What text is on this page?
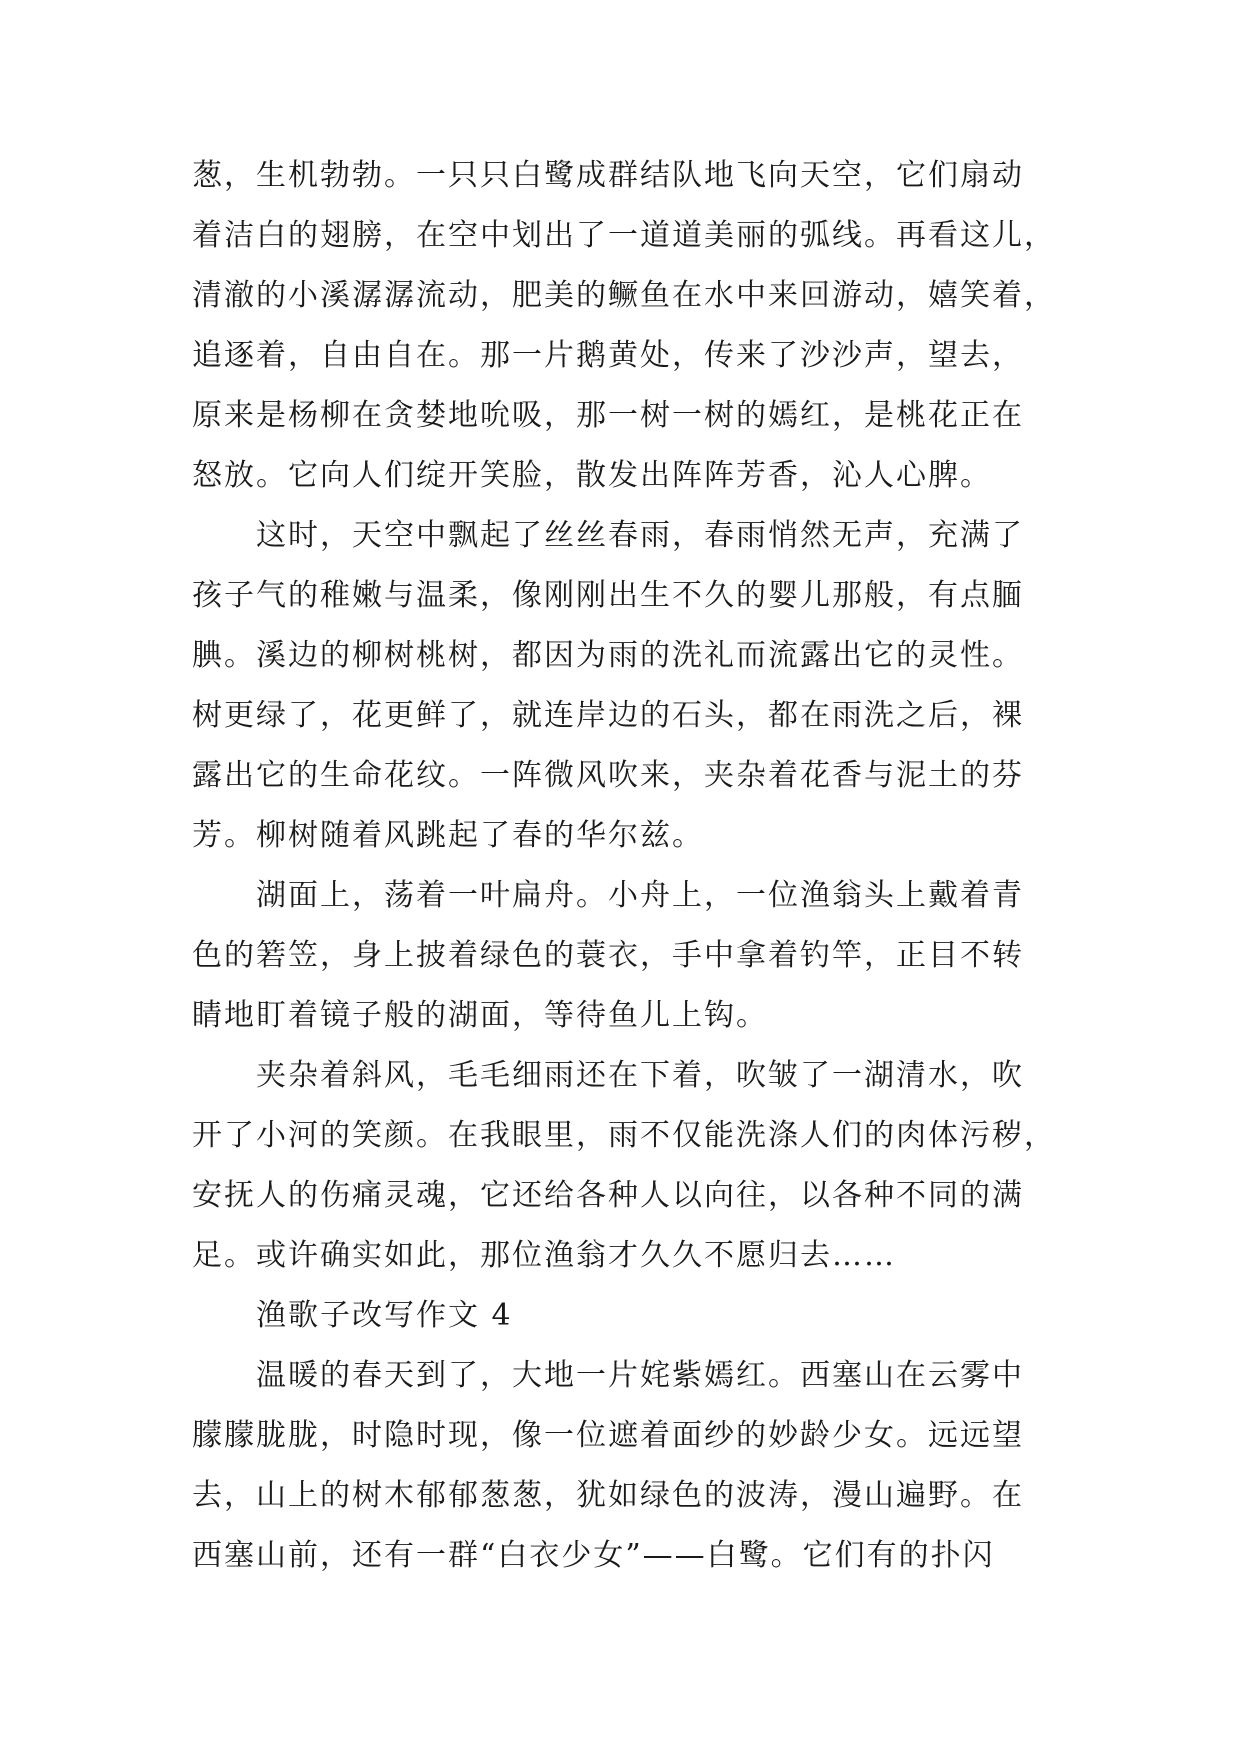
葱，生机勃勃。一只只白鹭成群结队地飞向天空，它们扇动
着洁白的翅膀，在空中划出了一道道美丽的弧线。再看这儿，
清澈的小溪潺潺流动，肥美的鳜鱼在水中来回游动，嬉笑着，
追逐着，自由自在。那一片鹅黄处，传来了沙沙声，望去，
原来是杨柳在贪婪地吮吸，那一树一树的嫣红，是桃花正在
怒放。它向人们绽开笑脸，散发出阵阵芳香，沁人心脾。
这时，天空中飘起了丝丝春雨，春雨悄然无声，充满了
孩子气的稚嫩与温柔，像刚刚出生不久的婴儿那般，有点腼
腆。溪边的柳树桃树，都因为雨的洗礼而流露出它的灵性。
树更绿了，花更鲜了，就连岸边的石头，都在雨洗之后，裸
露出它的生命花纹。一阵微风吹来，夹杂着花香与泥土的芬
芳。柳树随着风跳起了春的华尔兹。
湖面上，荡着一叶扁舟。小舟上，一位渔翁头上戴着青
色的箬笠，身上披着绿色的蓑衣，手中拿着钓竿，正目不转
睛地盯着镜子般的湖面，等待鱼儿上钩。
夹杂着斜风，毛毛细雨还在下着，吹皱了一湖清水，吹
开了小河的笑颜。在我眼里，雨不仅能洗涤人们的肉体污秽，
安抚人的伤痛灵魂，它还给各种人以向往，以各种不同的满
足。或许确实如此，那位渔翁才久久不愿归去……
渔歌子改写作文 4
温暖的春天到了，大地一片姹紫嫣红。西塞山在云雾中
朦朦胧胧，时隐时现，像一位遮着面纱的妙龄少女。远远望
去，山上的树木郁郁葱葱，犹如绿色的波涛，漫山遍野。在
西塞山前，还有一群“白衣少女”——白鹭。它们有的扑闪
